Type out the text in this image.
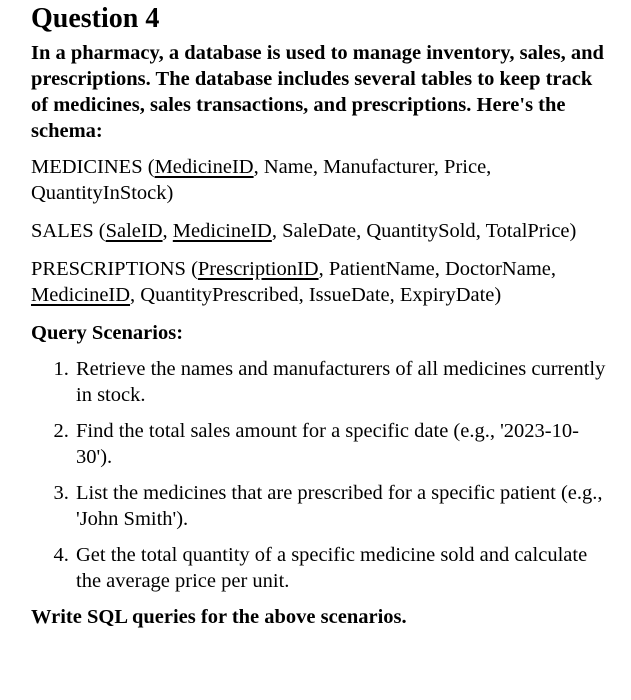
Question 4

In a pharmacy, a database is used to manage inventory, sales, and prescriptions. The database includes several tables to keep track of medicines, sales transactions, and prescriptions. Here's the schema:

MEDICINES (MedicineID, Name, Manufacturer, Price, QuantityInStock)

SALES (SaleID, MedicineID, SaleDate, QuantitySold, TotalPrice)

PRESCRIPTIONS (PrescriptionID, PatientName, DoctorName, MedicineID, QuantityPrescribed, IssueDate, ExpiryDate)

Query Scenarios:

1. Retrieve the names and manufacturers of all medicines currently in stock.
2. Find the total sales amount for a specific date (e.g., '2023-10-30').
3. List the medicines that are prescribed for a specific patient (e.g., 'John Smith').
4. Get the total quantity of a specific medicine sold and calculate the average price per unit.

Write SQL queries for the above scenarios.
